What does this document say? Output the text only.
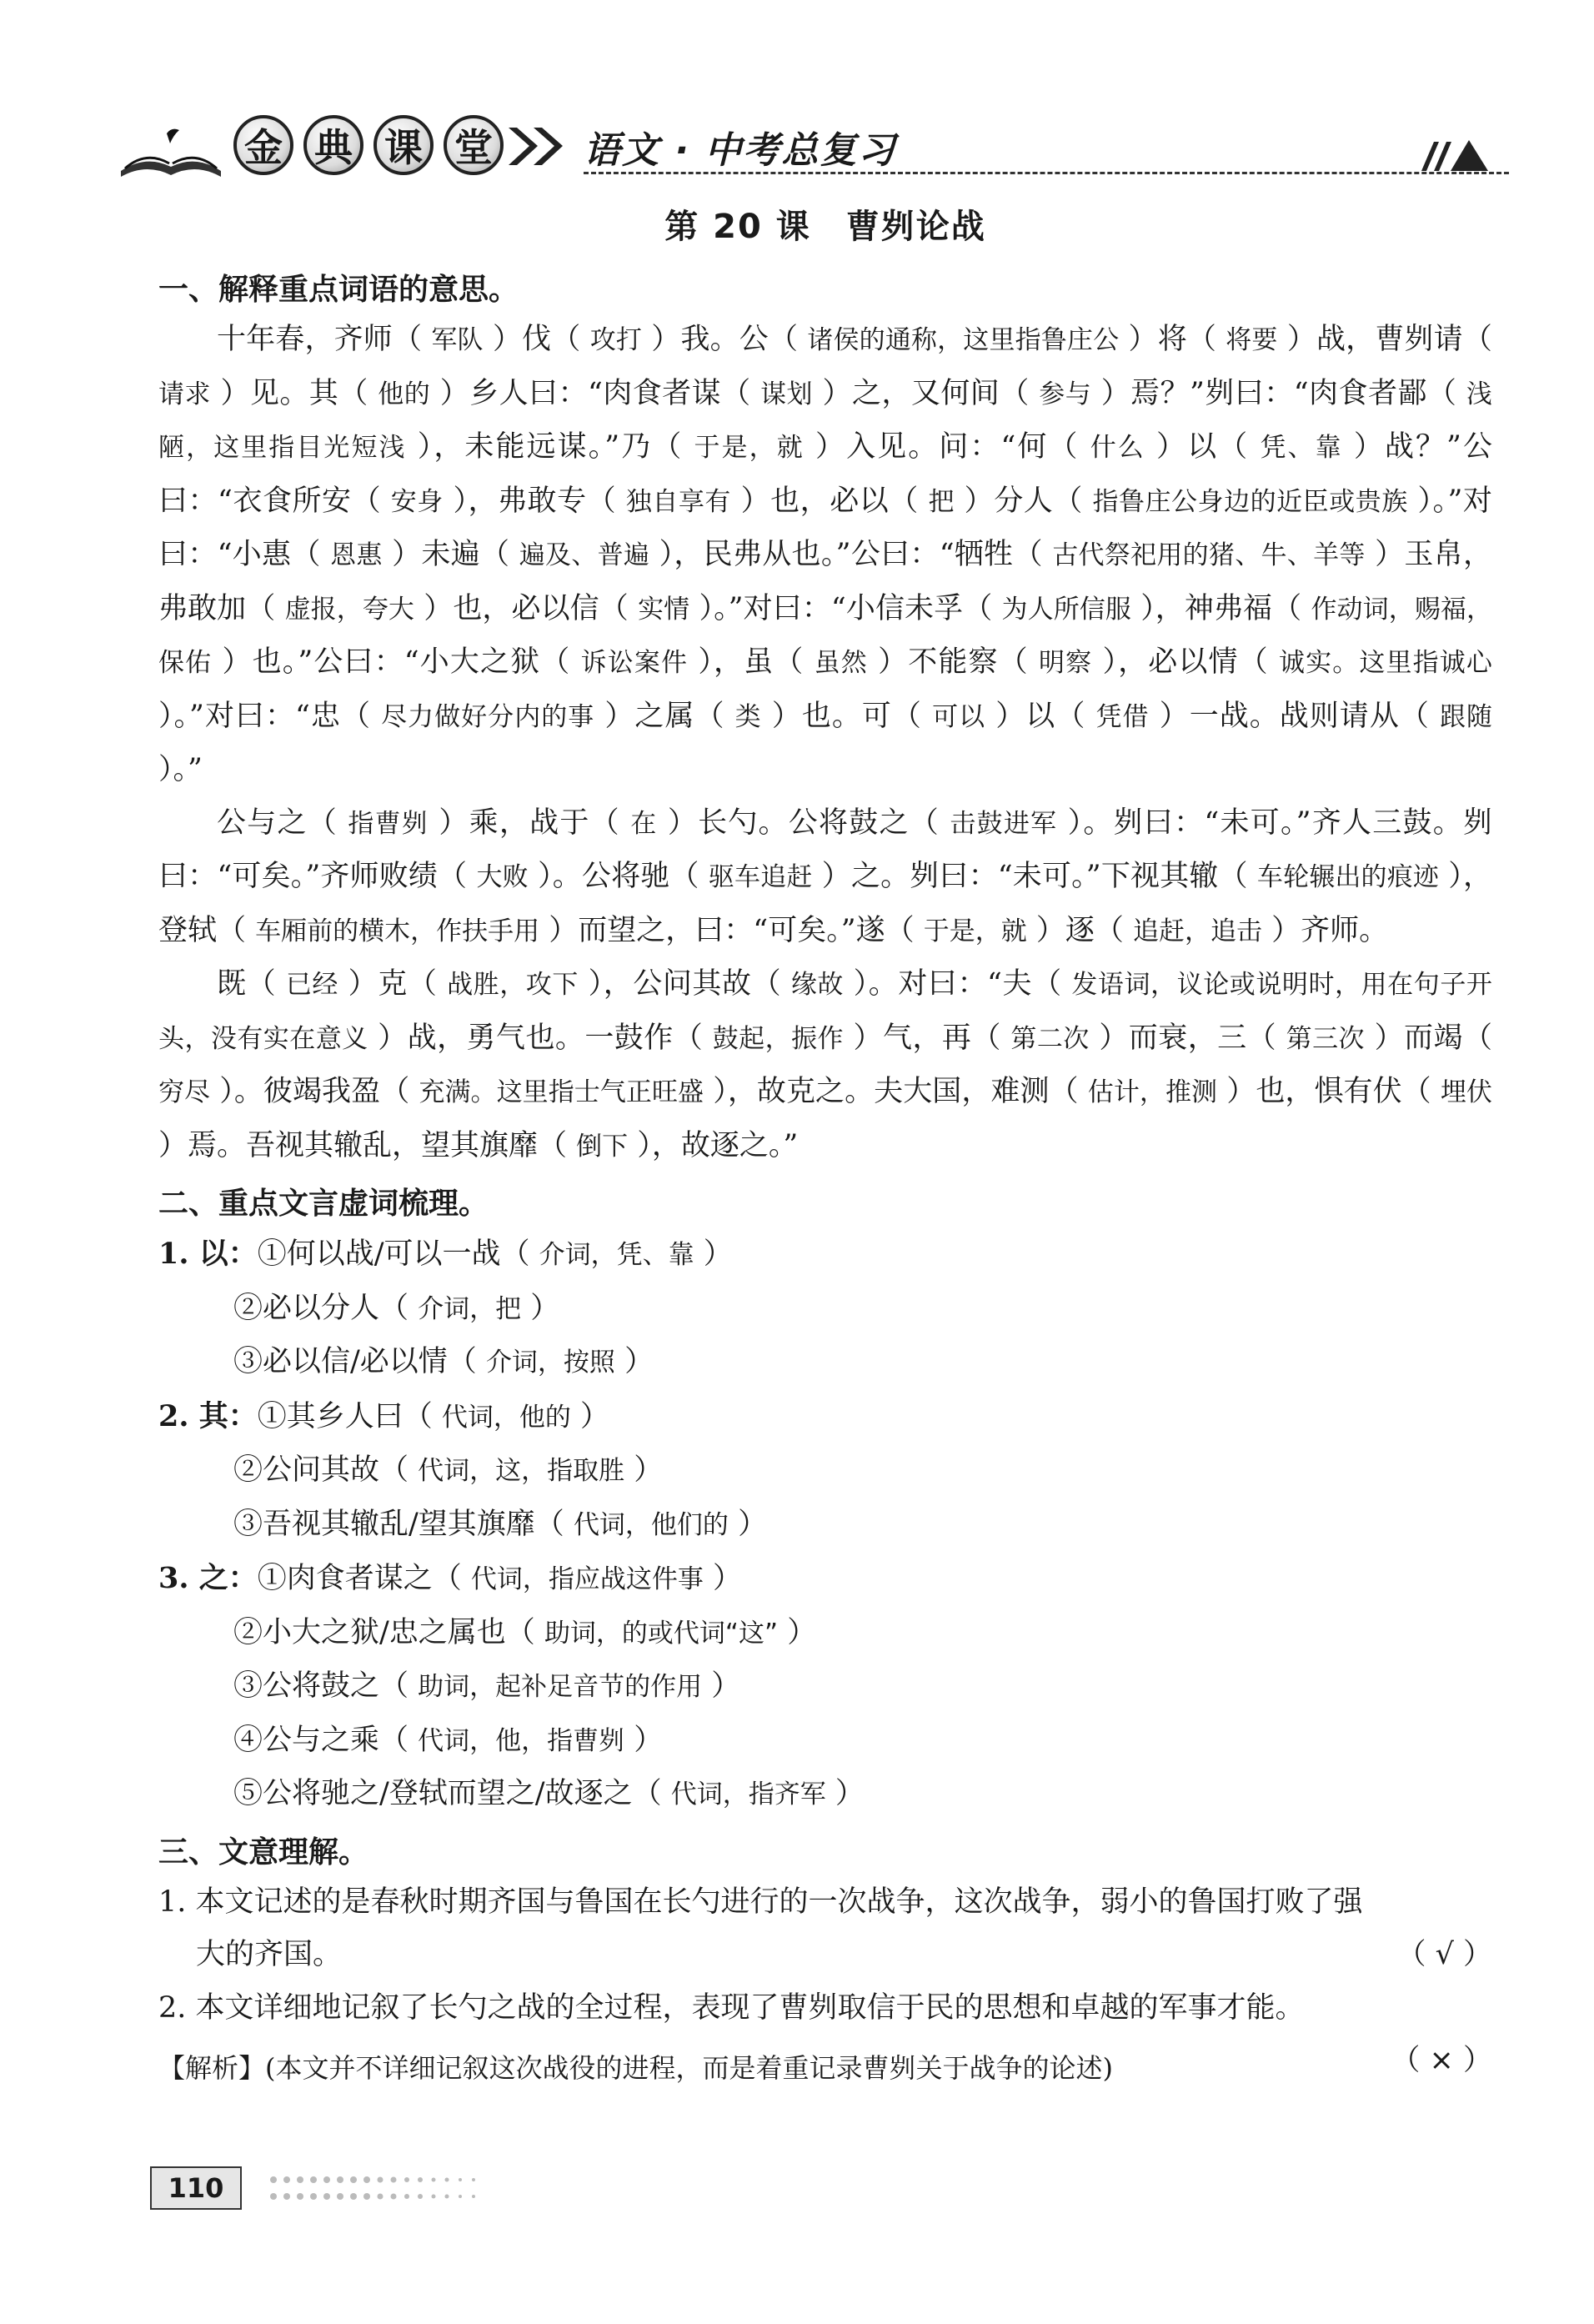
金 典 课 堂 语文 · 中考总复习
第 20 课　曹刿论战
一、解释重点词语的意思。

十年春，齐师（ 军队 ）伐（ 攻打 ）我。公（ 诸侯的通称，这里指鲁庄公 ）将（ 将要 ）战，曹刿请（ 请求 ）见。其（ 他的 ）乡人曰：“肉食者谋（ 谋划 ）之，又何间（ 参与 ）焉？”刿曰：“肉食者鄙（ 浅陋，这里指目光短浅 ），未能远谋。”乃（ 于是，就 ）入见。问：“何（ 什么 ）以（ 凭、靠 ）战？”公曰：“衣食所安（ 安身 ），弗敢专（ 独自享有 ）也，必以（ 把 ）分人（ 指鲁庄公身边的近臣或贵族 ）。”对曰：“小惠（ 恩惠 ）未遍（ 遍及、普遍 ），民弗从也。”公曰：“牺牲（ 古代祭祀用的猪、牛、羊等 ）玉帛，弗敢加（ 虚报，夸大 ）也，必以信（ 实情 ）。”对曰：“小信未孚（ 为人所信服 ），神弗福（ 作动词，赐福，保佑 ）也。”公曰：“小大之狱（ 诉讼案件 ），虽（ 虽然 ）不能察（ 明察 ），必以情（ 诚实。这里指诚心 ）。”对曰：“忠（ 尽力做好分内的事 ）之属（ 类 ）也。可（ 可以 ）以（ 凭借 ）一战。战则请从（ 跟随 ）。”

公与之（ 指曹刿 ）乘，战于（ 在 ）长勺。公将鼓之（ 击鼓进军 ）。刿曰：“未可。”齐人三鼓。刿曰：“可矣。”齐师败绩（ 大败 ）。公将驰（ 驱车追赶 ）之。刿曰：“未可。”下视其辙（ 车轮辗出的痕迹 ），登轼（ 车厢前的横木，作扶手用 ）而望之，曰：“可矣。”遂（ 于是，就 ）逐（ 追赶，追击 ）齐师。

既（ 已经 ）克（ 战胜，攻下 ），公问其故（ 缘故 ）。对曰：“夫（ 发语词，议论或说明时，用在句子开头，没有实在意义 ）战，勇气也。一鼓作（ 鼓起，振作 ）气，再（ 第二次 ）而衰，三（ 第三次 ）而竭（ 穷尽 ）。彼竭我盈（ 充满。这里指士气正旺盛 ），故克之。夫大国，难测（ 估计，推测 ）也，惧有伏（ 埋伏 ）焉。吾视其辙乱，望其旗靡（ 倒下 ），故逐之。”

二、重点文言虚词梳理。
1. 以：①何以战/可以一战（ 介词，凭、靠 ）

②必以分人（ 介词，把 ）
③必以信/必以情（ 介词，按照 ）
2. 其：①其乡人曰（ 代词，他的 ）

②公问其故（ 代词，这，指取胜 ）
③吾视其辙乱/望其旗靡（ 代词，他们的 ）
3. 之：①肉食者谋之（ 代词，指应战这件事 ）

②小大之狱/忠之属也（ 助词，的或代词“这” ）
③公将鼓之（ 助词，起补足音节的作用 ）
④公与之乘（ 代词，他，指曹刿 ）
⑤公将驰之/登轼而望之/故逐之（ 代词，指齐军 ）
三、文意理解。
1. 本文记述的是春秋时期齐国与鲁国在长勺进行的一次战争，这次战争，弱小的鲁国打败了强
大的齐国。	（ √ ）
2. 本文详细地记叙了长勺之战的全过程，表现了曹刿取信于民的思想和卓越的军事才能。
（ × ）
【解析】(本文并不详细记叙这次战役的进程，而是着重记录曹刿关于战争的论述)
110
